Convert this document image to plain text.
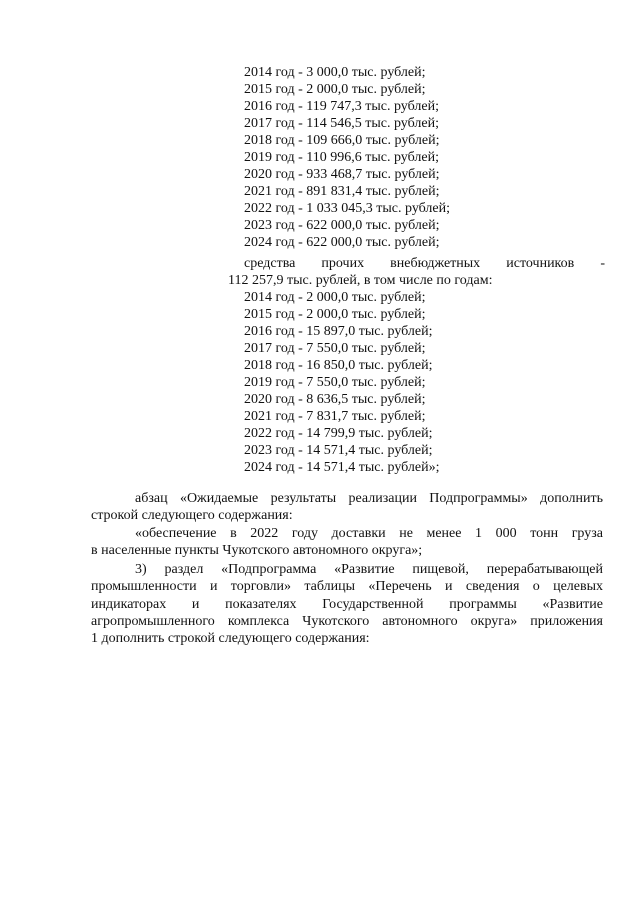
2014 год - 3 000,0 тыс. рублей;
2015 год - 2 000,0 тыс. рублей;
2016 год - 119 747,3 тыс. рублей;
2017 год - 114 546,5 тыс. рублей;
2018 год - 109 666,0 тыс. рублей;
2019 год - 110 996,6 тыс. рублей;
2020 год - 933 468,7 тыс. рублей;
2021 год - 891 831,4 тыс. рублей;
2022 год - 1 033 045,3 тыс. рублей;
2023 год - 622 000,0 тыс. рублей;
2024 год - 622 000,0 тыс. рублей;
средства прочих внебюджетных источников -
112 257,9 тыс. рублей, в том числе по годам:
2014 год - 2 000,0 тыс. рублей;
2015 год - 2 000,0 тыс. рублей;
2016 год - 15 897,0 тыс. рублей;
2017 год - 7 550,0 тыс. рублей;
2018 год - 16 850,0 тыс. рублей;
2019 год - 7 550,0 тыс. рублей;
2020 год - 8 636,5 тыс. рублей;
2021 год - 7 831,7 тыс. рублей;
2022 год - 14 799,9 тыс. рублей;
2023 год - 14 571,4 тыс. рублей;
2024 год - 14 571,4 тыс. рублей»;
абзац «Ожидаемые результаты реализации Подпрограммы» дополнить
строкой следующего содержания:
«обеспечение в 2022 году доставки не менее 1 000 тонн груза
в населенные пункты Чукотского автономного округа»;
3) раздел «Подпрограмма «Развитие пищевой, перерабатывающей
промышленности и торговли» таблицы «Перечень и сведения о целевых
индикаторах и показателях Государственной программы «Развитие
агропромышленного комплекса Чукотского автономного округа» приложения
1 дополнить строкой следующего содержания:
